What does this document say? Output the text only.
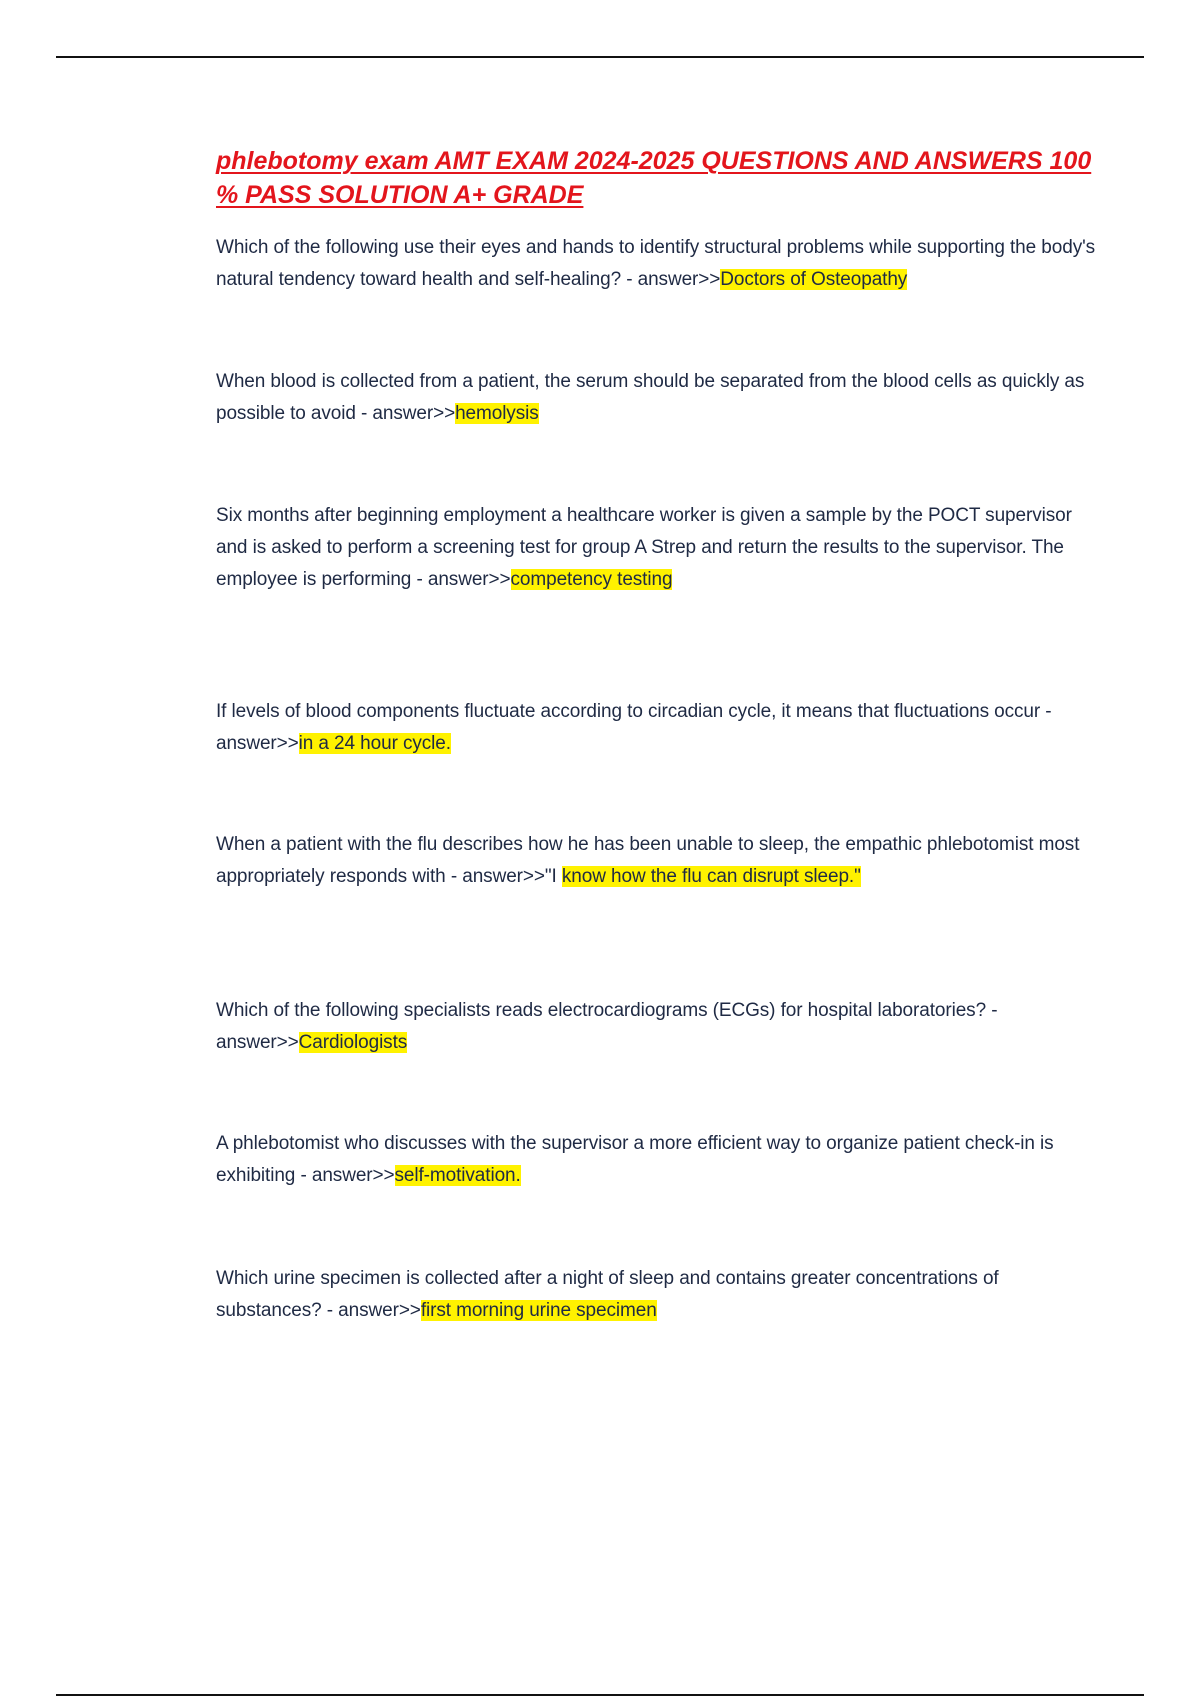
phlebotomy exam AMT EXAM 2024-2025 QUESTIONS AND ANSWERS 100 % PASS SOLUTION A+ GRADE

Which of the following use their eyes and hands to identify structural problems while supporting the body's natural tendency toward health and self-healing? - answer>>Doctors of Osteopathy

When blood is collected from a patient, the serum should be separated from the blood cells as quickly as possible to avoid - answer>>hemolysis

Six months after beginning employment a healthcare worker is given a sample by the POCT supervisor and is asked to perform a screening test for group A Strep and return the results to the supervisor. The employee is performing - answer>>competency testing

If levels of blood components fluctuate according to circadian cycle, it means that fluctuations occur - answer>>in a 24 hour cycle.

When a patient with the flu describes how he has been unable to sleep, the empathic phlebotomist most appropriately responds with - answer>>"I know how the flu can disrupt sleep."

Which of the following specialists reads electrocardiograms (ECGs) for hospital laboratories? - answer>>Cardiologists

A phlebotomist who discusses with the supervisor a more efficient way to organize patient check-in is exhibiting - answer>>self-motivation.

Which urine specimen is collected after a night of sleep and contains greater concentrations of substances? - answer>>first morning urine specimen
